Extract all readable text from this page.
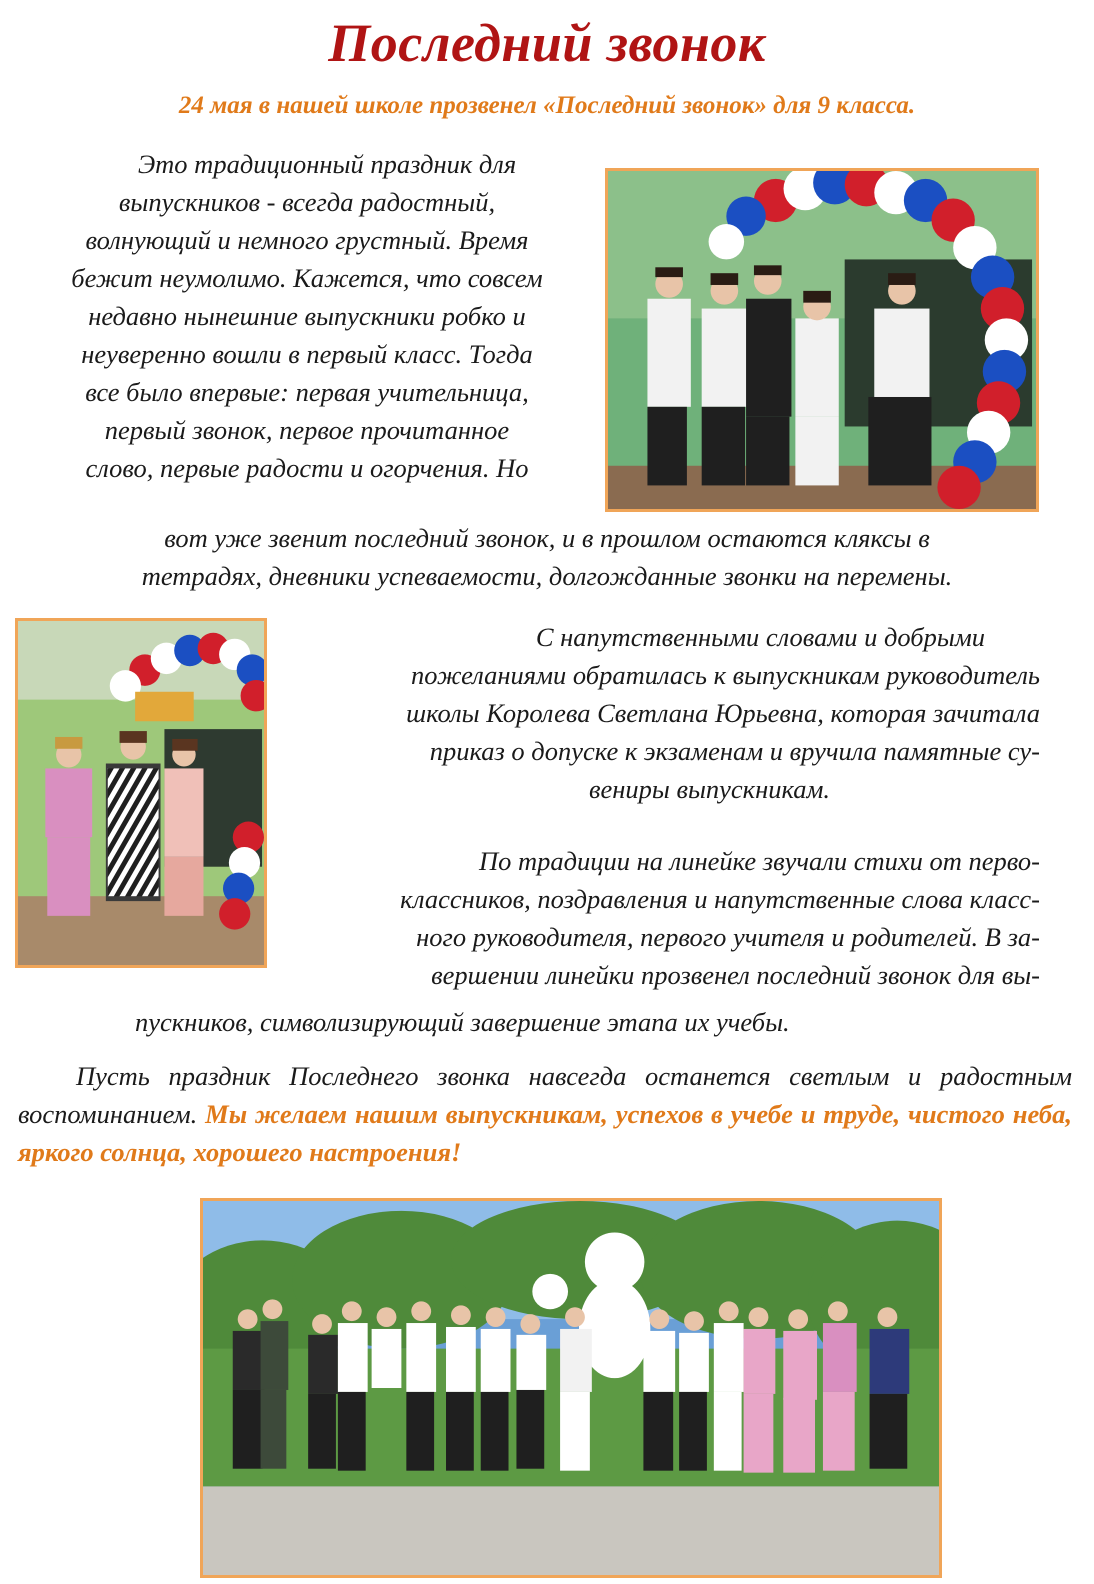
Последний звонок
24 мая в нашей школе прозвенел «Последний звонок» для 9 класса.
Это традиционный праздник для
выпускников - всегда радостный,
волнующий и немного грустный. Время
бежит неумолимо. Кажется, что совсем
недавно нынешние выпускники робко и
неуверенно вошли в первый класс. Тогда
все было впервые: первая учительница,
первый звонок, первое прочитанное
слово, первые радости и огорчения. Но
вот уже звенит последний звонок, и в прошлом остаются кляксы в
тетрадях, дневники успеваемости, долгожданные звонки на перемены.
С напутственными словами и добрыми
пожеланиями обратилась к выпускникам руководитель
школы Королева Светлана Юрьевна, которая зачитала
приказ о допуске к экзаменам и вручила памятные су-
вениры выпускникам.
По традиции на линейке звучали стихи от перво-
классников, поздравления и напутственные слова класс-
ного руководителя, первого учителя и родителей. В за-
вершении линейки прозвенел последний звонок для вы-
пускников, символизирующий завершение этапа их учебы.
Пусть праздник Последнего звонка навсегда останется светлым и радостным воспоминанием. Мы желаем нашим выпускникам, успехов в учебе и труде, чистого неба, яркого солнца, хорошего настроения!
